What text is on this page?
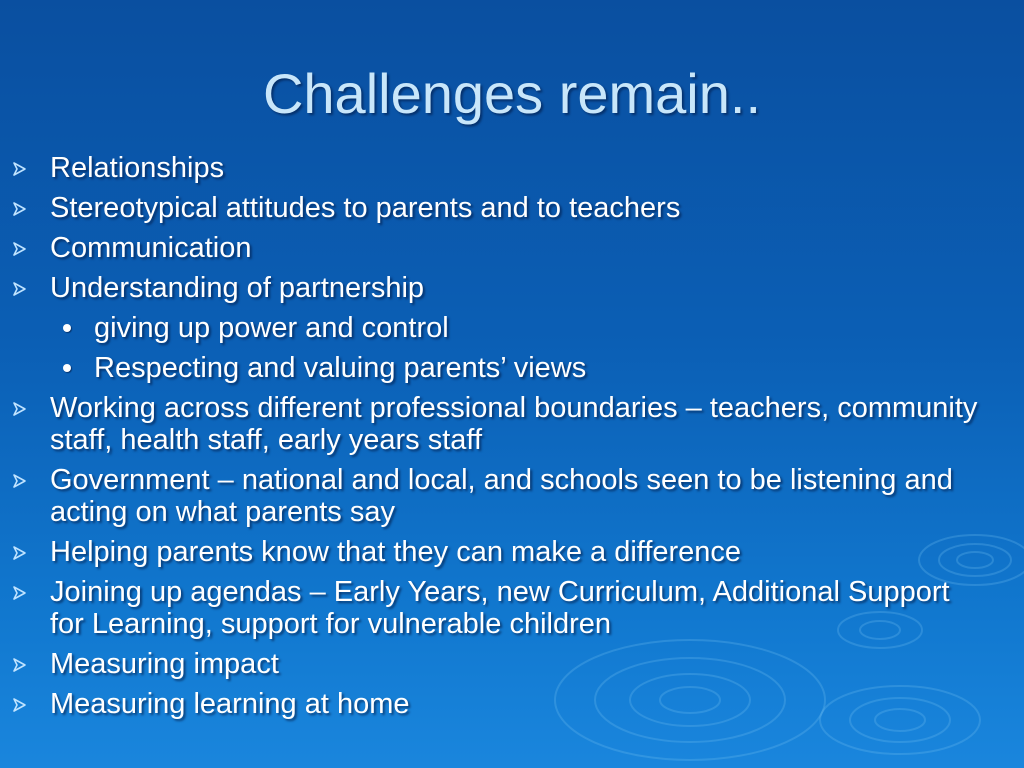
Challenges remain..
Relationships
Stereotypical attitudes to parents and to teachers
Communication
Understanding of partnership
giving up power and control
Respecting and valuing parents’ views
Working across different professional boundaries – teachers, community staff, health staff, early years staff
Government – national and local, and schools seen to be listening and acting on what parents say
Helping parents know that they can make a difference
Joining up agendas – Early Years, new Curriculum, Additional Support for Learning, support for vulnerable children
Measuring impact
Measuring learning at home
